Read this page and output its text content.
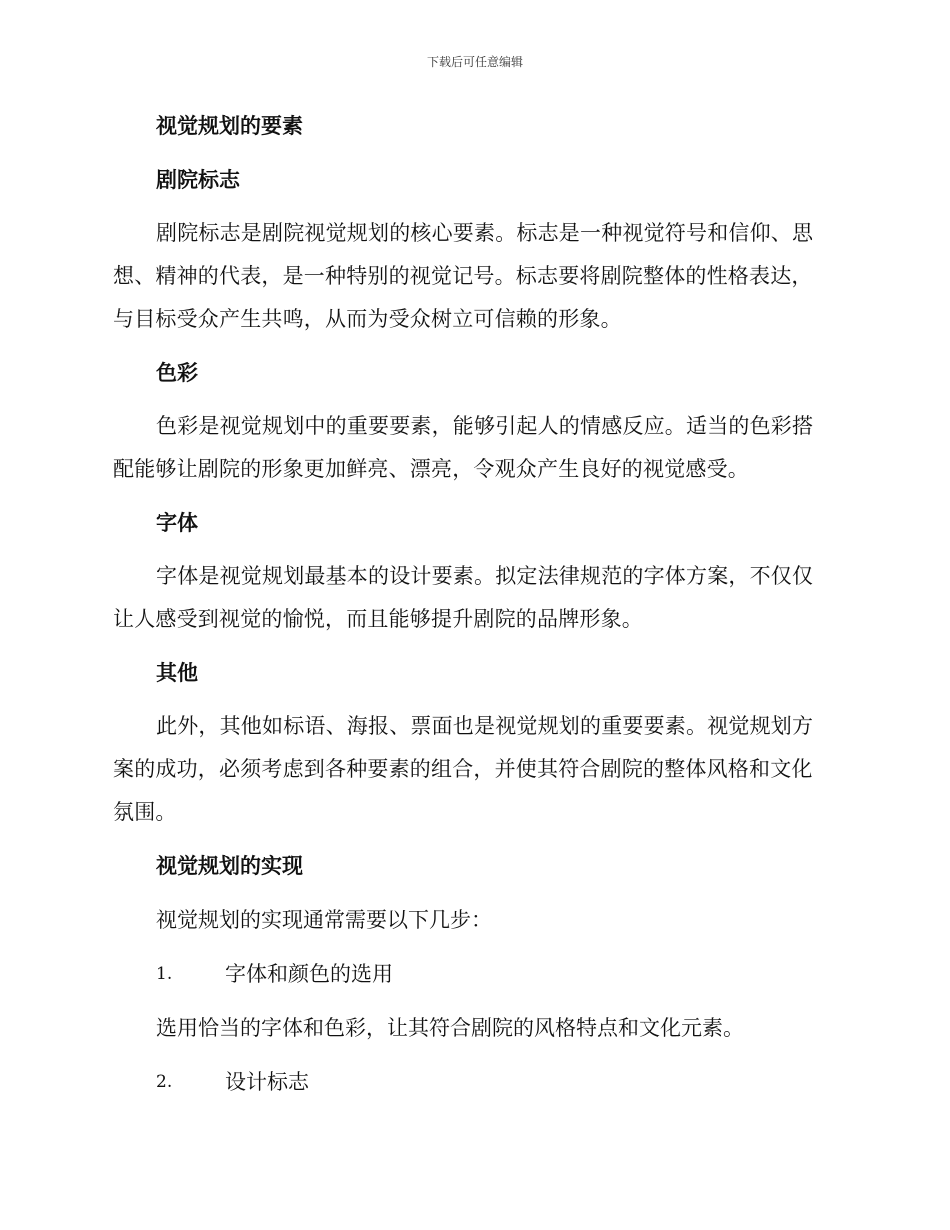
下载后可任意编辑
视觉规划的要素
剧院标志

剧院标志是剧院视觉规划的核心要素。标志是一种视觉符号和信仰、思想、精神的代表，是一种特别的视觉记号。标志要将剧院整体的性格表达，与目标受众产生共鸣，从而为受众树立可信赖的形象。

色彩

色彩是视觉规划中的重要要素，能够引起人的情感反应。适当的色彩搭配能够让剧院的形象更加鲜亮、漂亮，令观众产生良好的视觉感受。

字体

字体是视觉规划最基本的设计要素。拟定法律规范的字体方案，不仅仅让人感受到视觉的愉悦，而且能够提升剧院的品牌形象。

其他

此外，其他如标语、海报、票面也是视觉规划的重要要素。视觉规划方案的成功，必须考虑到各种要素的组合，并使其符合剧院的整体风格和文化氛围。

视觉规划的实现

视觉规划的实现通常需要以下几步：

1.	字体和颜色的选用

选用恰当的字体和色彩，让其符合剧院的风格特点和文化元素。

2.	设计标志
